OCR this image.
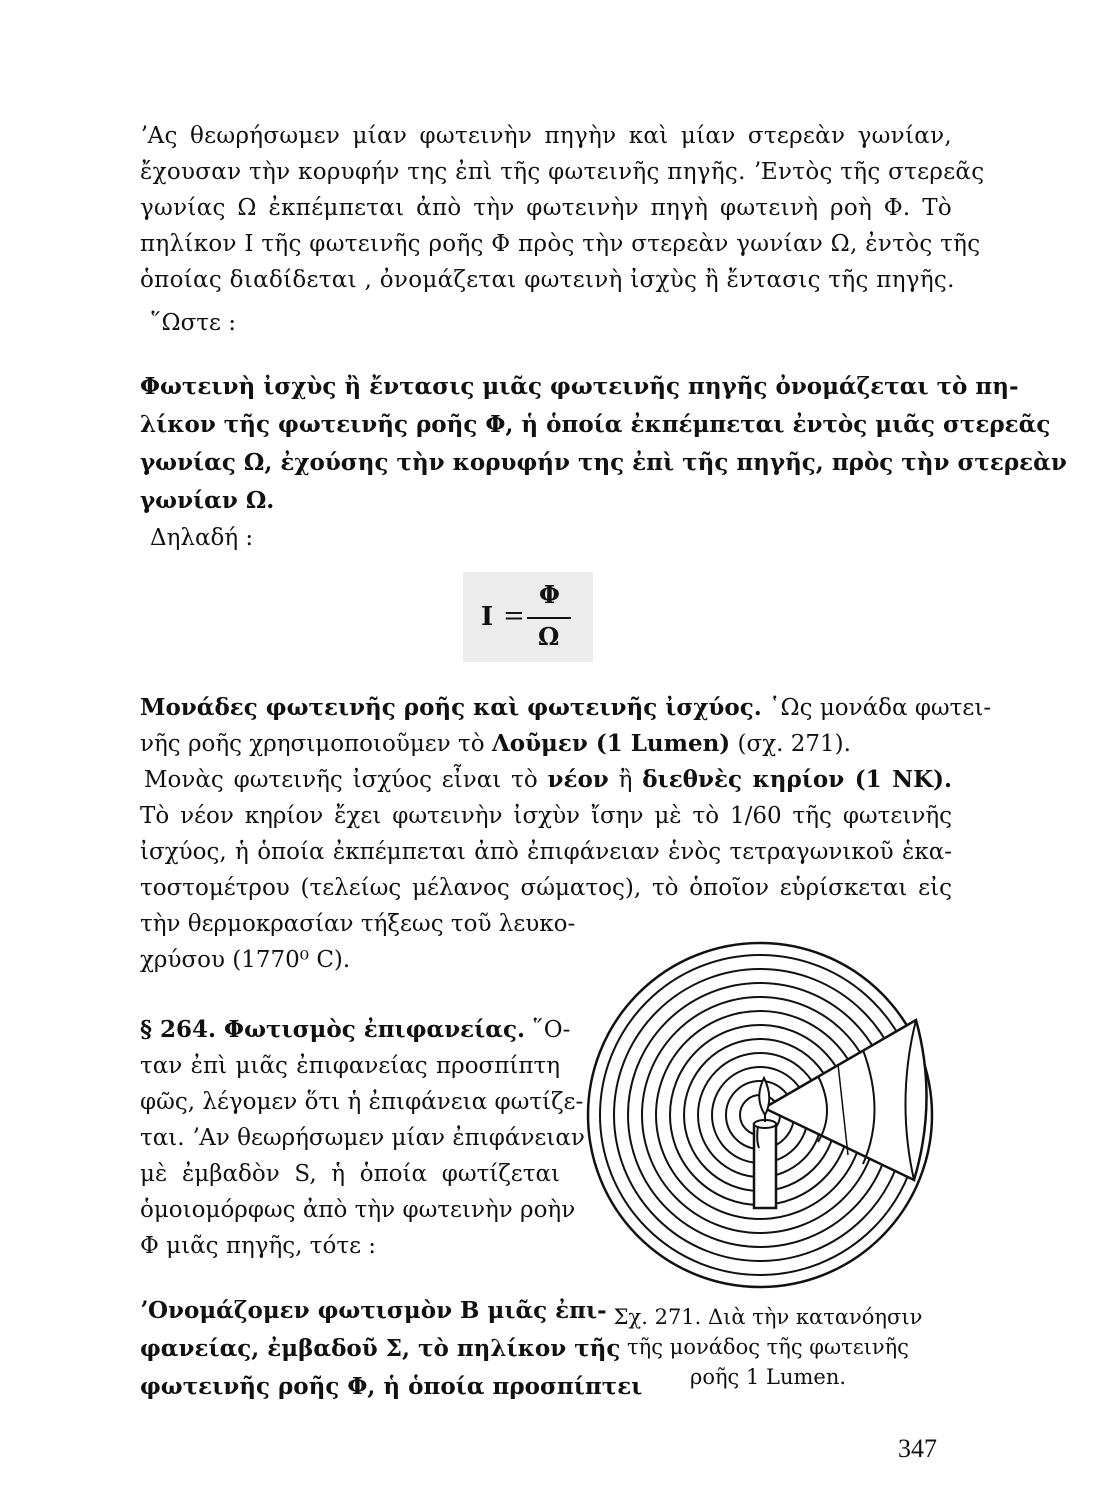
ʼΑς θεωρήσωμεν μίαν φωτεινὴν πηγὴν καὶ μίαν στερεὰν γωνίαν,
ἔχουσαν τὴν κορυφήν της ἐπὶ τῆς φωτεινῆς πηγῆς. ʼΕντὸς τῆς στερεᾶς
γωνίας Ω ἐκπέμπεται ἀπὸ τὴν φωτεινὴν πηγὴ φωτεινὴ ροὴ Φ. Τὸ
πηλίκον I τῆς φωτεινῆς ροῆς Φ πρὸς τὴν στερεὰν γωνίαν Ω, ἐντὸς τῆς
ὁποίας διαδίδεται , ὀνομάζεται φωτεινὴ ἰσχὺς ἢ ἔντασις τῆς πηγῆς.
῞Ωστε :
Φωτεινὴ ἰσχὺς ἢ ἔντασις μιᾶς φωτεινῆς πηγῆς ὀνομάζεται τὸ πη-
λίκον τῆς φωτεινῆς ροῆς Φ, ἡ ὁποία ἐκπέμπεται ἐντὸς μιᾶς στερεᾶς
γωνίας Ω, ἐχούσης τὴν κορυφήν της ἐπὶ τῆς πηγῆς, πρὸς τὴν στερεὰν
γωνίαν Ω.
Δηλαδή :
I =
Φ
Ω
Μονάδες φωτεινῆς ροῆς καὶ φωτεινῆς ἰσχύος. ῾Ως μονάδα φωτει-
νῆς ροῆς χρησιμοποιοῦμεν τὸ Λοῦμεν (1 Lumen) (σχ. 271).
Μονὰς φωτεινῆς ἰσχύος εἶναι τὸ νέον ἢ διεθνὲς κηρίον (1 NK).
Τὸ νέον κηρίον ἔχει φωτεινὴν ἰσχὺν ἴσην μὲ τὸ 1/60 τῆς φωτεινῆς
ἰσχύος, ἡ ὁποία ἐκπέμπεται ἀπὸ ἐπιφάνειαν ἑνὸς τετραγωνικοῦ ἑκα-
τοστομέτρου (τελείως μέλανος σώματος), τὸ ὁποῖον εὑρίσκεται εἰς
τὴν θερμοκρασίαν τήξεως τοῦ λευκο-
χρύσου (1770⁰ C).
§ 264. Φωτισμὸς ἐπιφανείας. ῞Ο-
ταν ἐπὶ μιᾶς ἐπιφανείας προσπίπτη
φῶς, λέγομεν ὅτι ἡ ἐπιφάνεια φωτίζε-
ται. ʼΑν θεωρήσωμεν μίαν ἐπιφάνειαν
μὲ ἐμβαδὸν S, ἡ ὁποία φωτίζεται
ὁμοιομόρφως ἀπὸ τὴν φωτεινὴν ροὴν
Φ μιᾶς πηγῆς, τότε :
ʼΟνομάζομεν φωτισμὸν B μιᾶς ἐπι-
φανείας, ἐμβαδοῦ Σ, τὸ πηλίκον τῆς
φωτεινῆς ροῆς Φ, ἡ ὁποία προσπίπτει
Σχ. 271. Διὰ τὴν κατανόησιν
τῆς μονάδος τῆς φωτεινῆς
ροῆς 1 Lumen.
347
